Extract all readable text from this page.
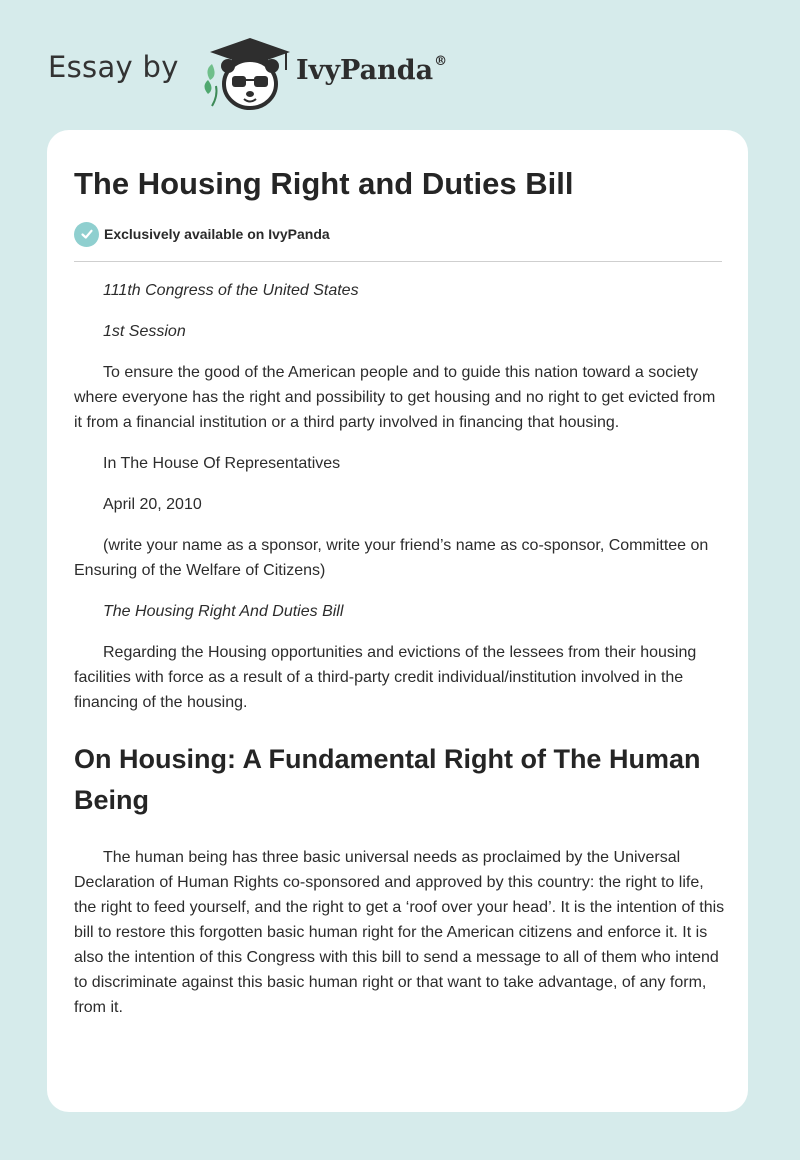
Essay by	IvyPanda®
The Housing Right and Duties Bill
Exclusively available on IvyPanda

111th Congress of the United States

1st Session

To ensure the good of the American people and to guide this nation toward a society where everyone has the right and possibility to get housing and no right to get evicted from it from a financial institution or a third party involved in financing that housing.

In The House Of Representatives

April 20, 2010

(write your name as a sponsor, write your friend’s name as co-sponsor, Committee on Ensuring of the Welfare of Citizens)

The Housing Right And Duties Bill

Regarding the Housing opportunities and evictions of the lessees from their housing facilities with force as a result of a third-party credit individual/institution involved in the financing of the housing.

On Housing: A Fundamental Right of The Human Being

The human being has three basic universal needs as proclaimed by the Universal Declaration of Human Rights co-sponsored and approved by this country: the right to life, the right to feed yourself, and the right to get a ‘roof over your head’. It is the intention of this bill to restore this forgotten basic human right for the American citizens and enforce it. It is also the intention of this Congress with this bill to send a message to all of them who intend to discriminate against this basic human right or that want to take advantage, of any form, from it.
